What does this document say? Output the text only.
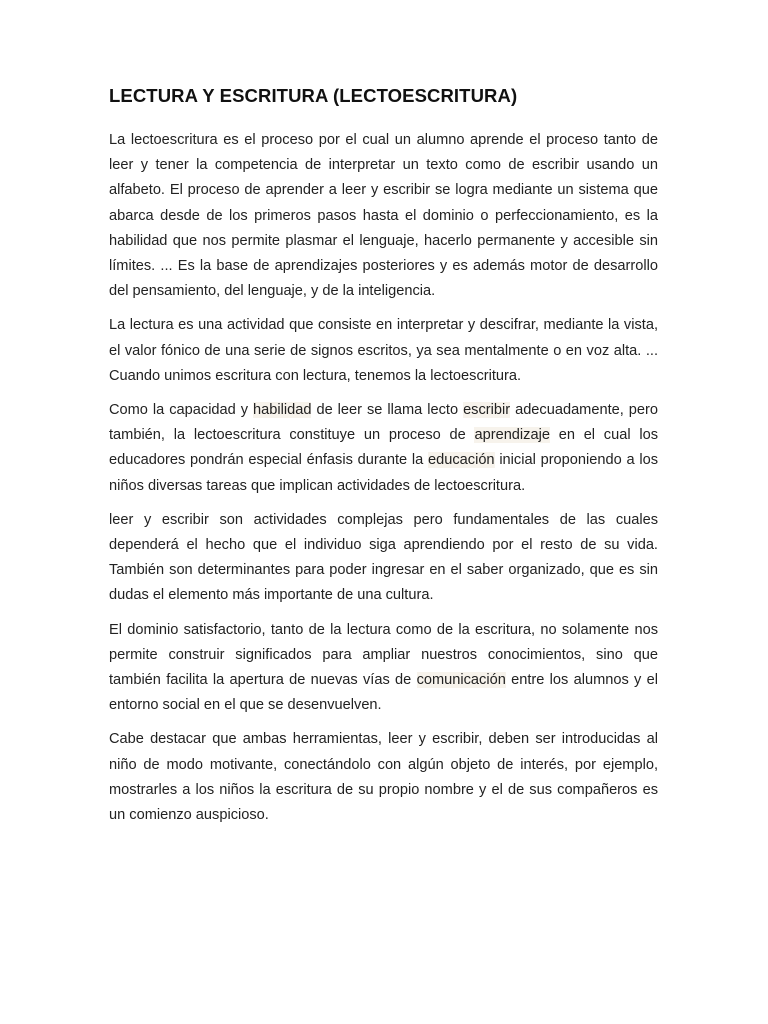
LECTURA Y ESCRITURA (LECTOESCRITURA)

La lectoescritura es el proceso por el cual un alumno aprende el proceso tanto de leer y tener la competencia de interpretar un texto como de escribir usando un alfabeto. El proceso de aprender a leer y escribir se logra mediante un sistema que abarca desde de los primeros pasos hasta el dominio o perfeccionamiento, es la habilidad que nos permite plasmar el lenguaje, hacerlo permanente y accesible sin límites. ... Es la base de aprendizajes posteriores y es además motor de desarrollo del pensamiento, del lenguaje, y de la inteligencia.

La lectura es una actividad que consiste en interpretar y descifrar, mediante la vista, el valor fónico de una serie de signos escritos, ya sea mentalmente o en voz alta. ... Cuando unimos escritura con lectura, tenemos la lectoescritura.

Como la capacidad y habilidad de leer se llama lecto escribir adecuadamente, pero también, la lectoescritura constituye un proceso de aprendizaje en el cual los educadores pondrán especial énfasis durante la educación inicial proponiendo a los niños diversas tareas que implican actividades de lectoescritura.

leer y escribir son actividades complejas pero fundamentales de las cuales dependerá el hecho que el individuo siga aprendiendo por el resto de su vida. También son determinantes para poder ingresar en el saber organizado, que es sin dudas el elemento más importante de una cultura.

El dominio satisfactorio, tanto de la lectura como de la escritura, no solamente nos permite construir significados para ampliar nuestros conocimientos, sino que también facilita la apertura de nuevas vías de comunicación entre los alumnos y el entorno social en el que se desenvuelven.

Cabe destacar que ambas herramientas, leer y escribir, deben ser introducidas al niño de modo motivante, conectándolo con algún objeto de interés, por ejemplo, mostrarles a los niños la escritura de su propio nombre y el de sus compañeros es un comienzo auspicioso.
